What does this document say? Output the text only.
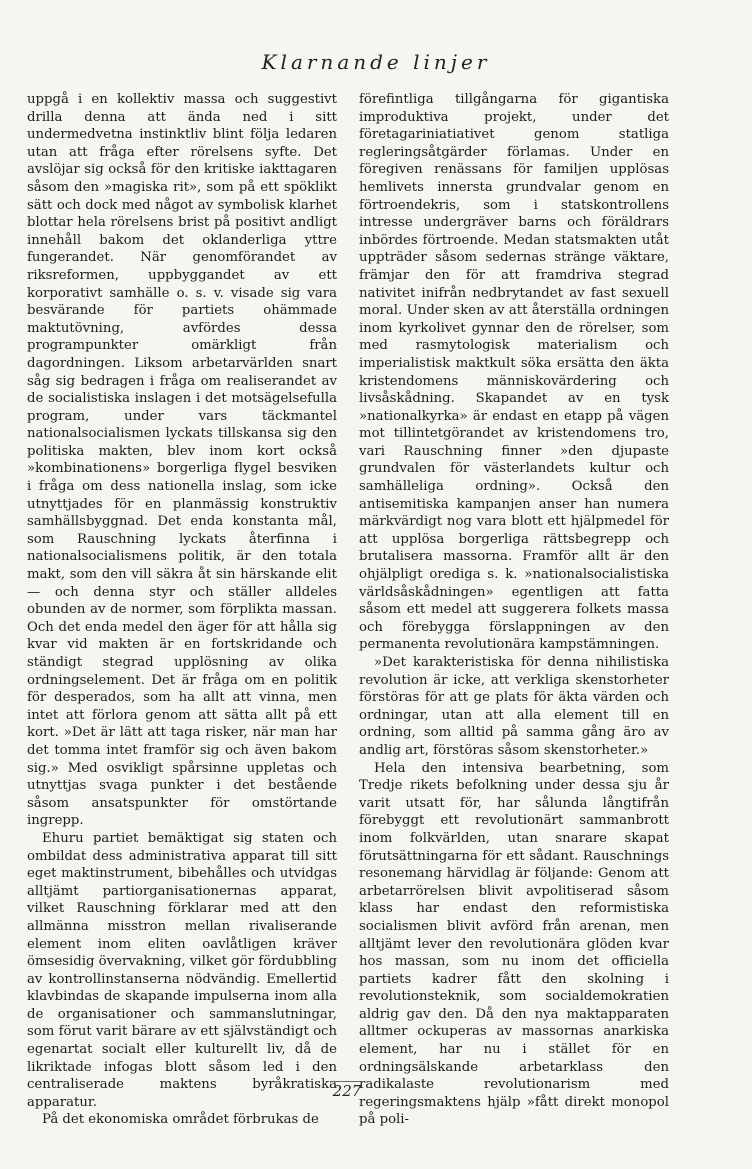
Klarnande linjer

uppgå i en kollektiv massa och suggestivt drilla denna att ända ned i sitt undermedvetna instinktliv blint följa ledaren utan att fråga efter rörelsens syfte. Det avslöjar sig också för den kritiske iakttagaren såsom den »magiska rit», som på ett spöklikt sätt och dock med något av symbolisk klarhet blottar hela rörelsens brist på positivt andligt innehåll bakom det oklanderliga yttre fungerandet. När genomförandet av riksreformen, uppbyggandet av ett korporativt samhälle o. s. v. visade sig vara besvärande för partiets ohämmade maktutövning, avfördes dessa programpunkter omärkligt från dagordningen. Liksom arbetarvärlden snart såg sig bedragen i fråga om realiserandet av de socialistiska inslagen i det motsägelsefulla program, under vars täckmantel nationalsocialismen lyckats tillskansa sig den politiska makten, blev inom kort också »kombinationens» borgerliga flygel besviken i fråga om dess nationella inslag, som icke utnyttjades för en planmässig konstruktiv samhällsbyggnad. Det enda konstanta mål, som Rauschning lyckats återfinna i nationalsocialismens politik, är den totala makt, som den vill säkra åt sin härskande elit — och denna styr och ställer alldeles obunden av de normer, som förplikta massan. Och det enda medel den äger för att hålla sig kvar vid makten är en fortskridande och ständigt stegrad upplösning av olika ordningselement. Det är fråga om en politik för desperados, som ha allt att vinna, men intet att förlora genom att sätta allt på ett kort. »Det är lätt att taga risker, när man har det tomma intet framför sig och även bakom sig.» Med osvikligt spårsinne uppletas och utnyttjas svaga punkter i det bestående såsom ansatspunkter för omstörtande ingrepp.

Ehuru partiet bemäktigat sig staten och ombildat dess administrativa apparat till sitt eget maktinstrument, bibehålles och utvidgas alltjämt partiorganisationernas apparat, vilket Rauschning förklarar med att den allmänna misstron mellan rivaliserande element inom eliten oavlåtligen kräver ömsesidig övervakning, vilket gör fördubbling av kontrollinstanserna nödvändig. Emellertid klavbindas de skapande impulserna inom alla de organisationer och sammanslutningar, som förut varit bärare av ett självständigt och egenartat socialt eller kulturellt liv, då de likriktade infogas blott såsom led i den centraliserade maktens byråkratiska apparatur.

På det ekonomiska området förbrukas de

förefintliga tillgångarna för gigantiska improduktiva projekt, under det företagariniatiativet genom statliga regleringsåtgärder förlamas. Under en föregiven renässans för familjen upplösas hemlivets innersta grundvalar genom en förtroendekris, som i statskontrollens intresse undergräver barns och föräldrars inbördes förtroende. Medan statsmakten utåt uppträder såsom sedernas stränge väktare, främjar den för att framdriva stegrad nativitet inifrån nedbrytandet av fast sexuell moral. Under sken av att återställa ordningen inom kyrkolivet gynnar den de rörelser, som med rasmytologisk materialism och imperialistisk maktkult söka ersätta den äkta kristendomens människovärdering och livsåskådning. Skapandet av en tysk »nationalkyrka» är endast en etapp på vägen mot tillintetgörandet av kristendomens tro, vari Rauschning finner »den djupaste grundvalen för västerlandets kultur och samhälleliga ordning». Också den antisemitiska kampanjen anser han numera märkvärdigt nog vara blott ett hjälpmedel för att upplösa borgerliga rättsbegrepp och brutalisera massorna. Framför allt är den ohjälpligt orediga s. k. »nationalsocialistiska världsåskådningen» egentligen att fatta såsom ett medel att suggerera folkets massa och förebygga förslappningen av den permanenta revolutionära kampstämningen.

»Det karakteristiska för denna nihilistiska revolution är icke, att verkliga skenstorheter förstöras för att ge plats för äkta värden och ordningar, utan att alla element till en ordning, som alltid på samma gång äro av andlig art, förstöras såsom skenstorheter.»

Hela den intensiva bearbetning, som Tredje rikets befolkning under dessa sju år varit utsatt för, har sålunda långtifrån förebyggt ett revolutionärt sammanbrott inom folkvärlden, utan snarare skapat förutsättningarna för ett sådant. Rauschnings resonemang härvidlag är följande: Genom att arbetarrörelsen blivit avpolitiserad såsom klass har endast den reformistiska socialismen blivit avförd från arenan, men alltjämt lever den revolutionära glöden kvar hos massan, som nu inom det officiella partiets kadrer fått den skolning i revolutionsteknik, som socialdemokratien aldrig gav den. Då den nya maktapparaten alltmer ockuperas av massornas anarkiska element, har nu i stället för en ordningsälskande arbetarklass den radikalaste revolutionarism med regeringsmaktens hjälp »fått direkt monopol på poli-

227
